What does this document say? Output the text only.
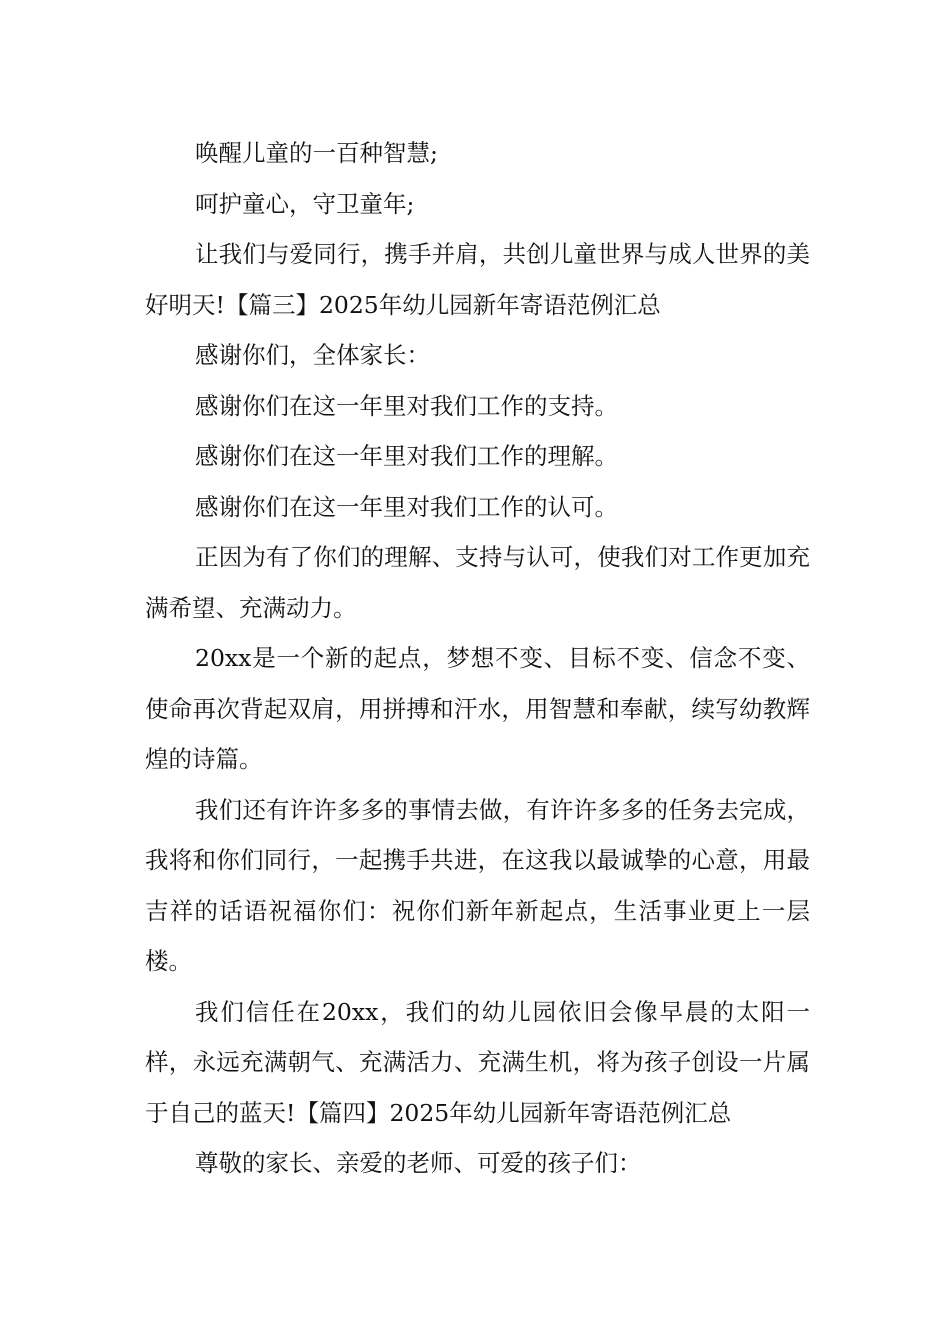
唤醒儿童的一百种智慧;

呵护童心，守卫童年;

让我们与爱同行，携手并肩，共创儿童世界与成人世界的美好明天!【篇三】2025年幼儿园新年寄语范例汇总

感谢你们，全体家长：

感谢你们在这一年里对我们工作的支持。

感谢你们在这一年里对我们工作的理解。

感谢你们在这一年里对我们工作的认可。

正因为有了你们的理解、支持与认可，使我们对工作更加充满希望、充满动力。

20xx是一个新的起点，梦想不变、目标不变、信念不变、使命再次背起双肩，用拼搏和汗水，用智慧和奉献，续写幼教辉煌的诗篇。

我们还有许许多多的事情去做，有许许多多的任务去完成，我将和你们同行，一起携手共进，在这我以最诚挚的心意，用最吉祥的话语祝福你们：祝你们新年新起点，生活事业更上一层楼。

我们信任在20xx，我们的幼儿园依旧会像早晨的太阳一样，永远充满朝气、充满活力、充满生机，将为孩子创设一片属于自己的蓝天!【篇四】2025年幼儿园新年寄语范例汇总

尊敬的家长、亲爱的老师、可爱的孩子们：
